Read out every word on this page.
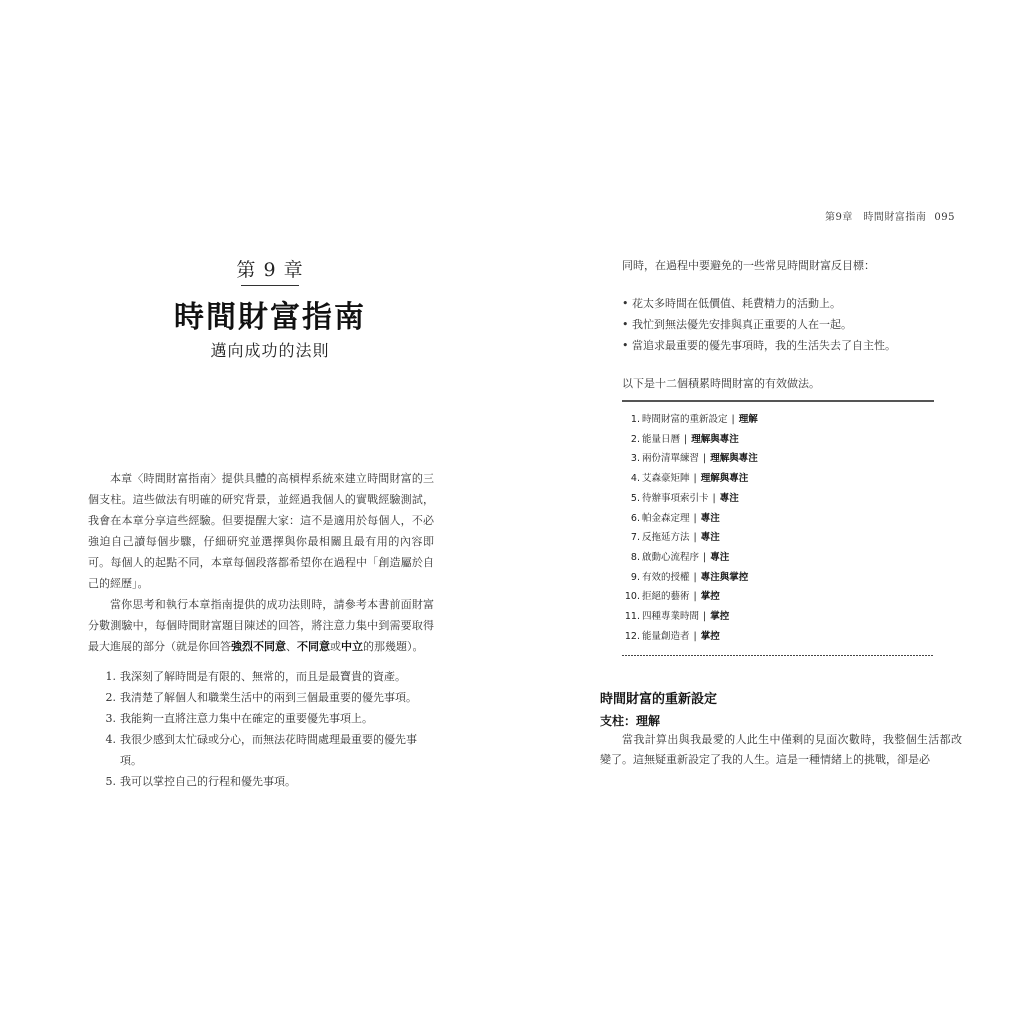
第 9 章
時間財富指南
邁向成功的法則

本章〈時間財富指南〉提供具體的高槓桿系統來建立時間財富的三個支柱。這些做法有明確的研究背景，並經過我個人的實戰經驗測試，我會在本章分享這些經驗。但要提醒大家：這不是適用於每個人，不必強迫自己讀每個步驟，仔細研究並選擇與你最相關且最有用的內容即可。每個人的起點不同，本章每個段落都希望你在過程中「創造屬於自己的經歷」。

當你思考和執行本章指南提供的成功法則時，請參考本書前面財富分數測驗中，每個時間財富題目陳述的回答，將注意力集中到需要取得最大進展的部分（就是你回答強烈不同意、不同意或中立的那幾題）。

1. 我深刻了解時間是有限的、無常的，而且是最寶貴的資產。
2. 我清楚了解個人和職業生活中的兩到三個最重要的優先事項。
3. 我能夠一直將注意力集中在確定的重要優先事項上。
4. 我很少感到太忙碌或分心，而無法花時間處理最重要的優先事項。
5. 我可以掌控自己的行程和優先事項。
第9章　時間財富指南 095
同時，在過程中要避免的一些常見時間財富反目標：
• 花太多時間在低價值、耗費精力的活動上。
• 我忙到無法優先安排與真正重要的人在一起。
• 當追求最重要的優先事項時，我的生活失去了自主性。
以下是十二個積累時間財富的有效做法。
1. 時間財富的重新設定 | 理解
2. 能量日曆 | 理解與專注
3. 兩份清單練習 | 理解與專注
4. 艾森豪矩陣 | 理解與專注
5. 待辦事項索引卡 | 專注
6. 帕金森定理 | 專注
7. 反拖延方法 | 專注
8. 啟動心流程序 | 專注
9. 有效的授權 | 專注與掌控
10. 拒絕的藝術 | 掌控
11. 四種專業時間 | 掌控
12. 能量創造者 | 掌控
時間財富的重新設定
支柱：理解

當我計算出與我最愛的人此生中僅剩的見面次數時，我整個生活都改變了。這無疑重新設定了我的人生。這是一種情緒上的挑戰，卻是必
